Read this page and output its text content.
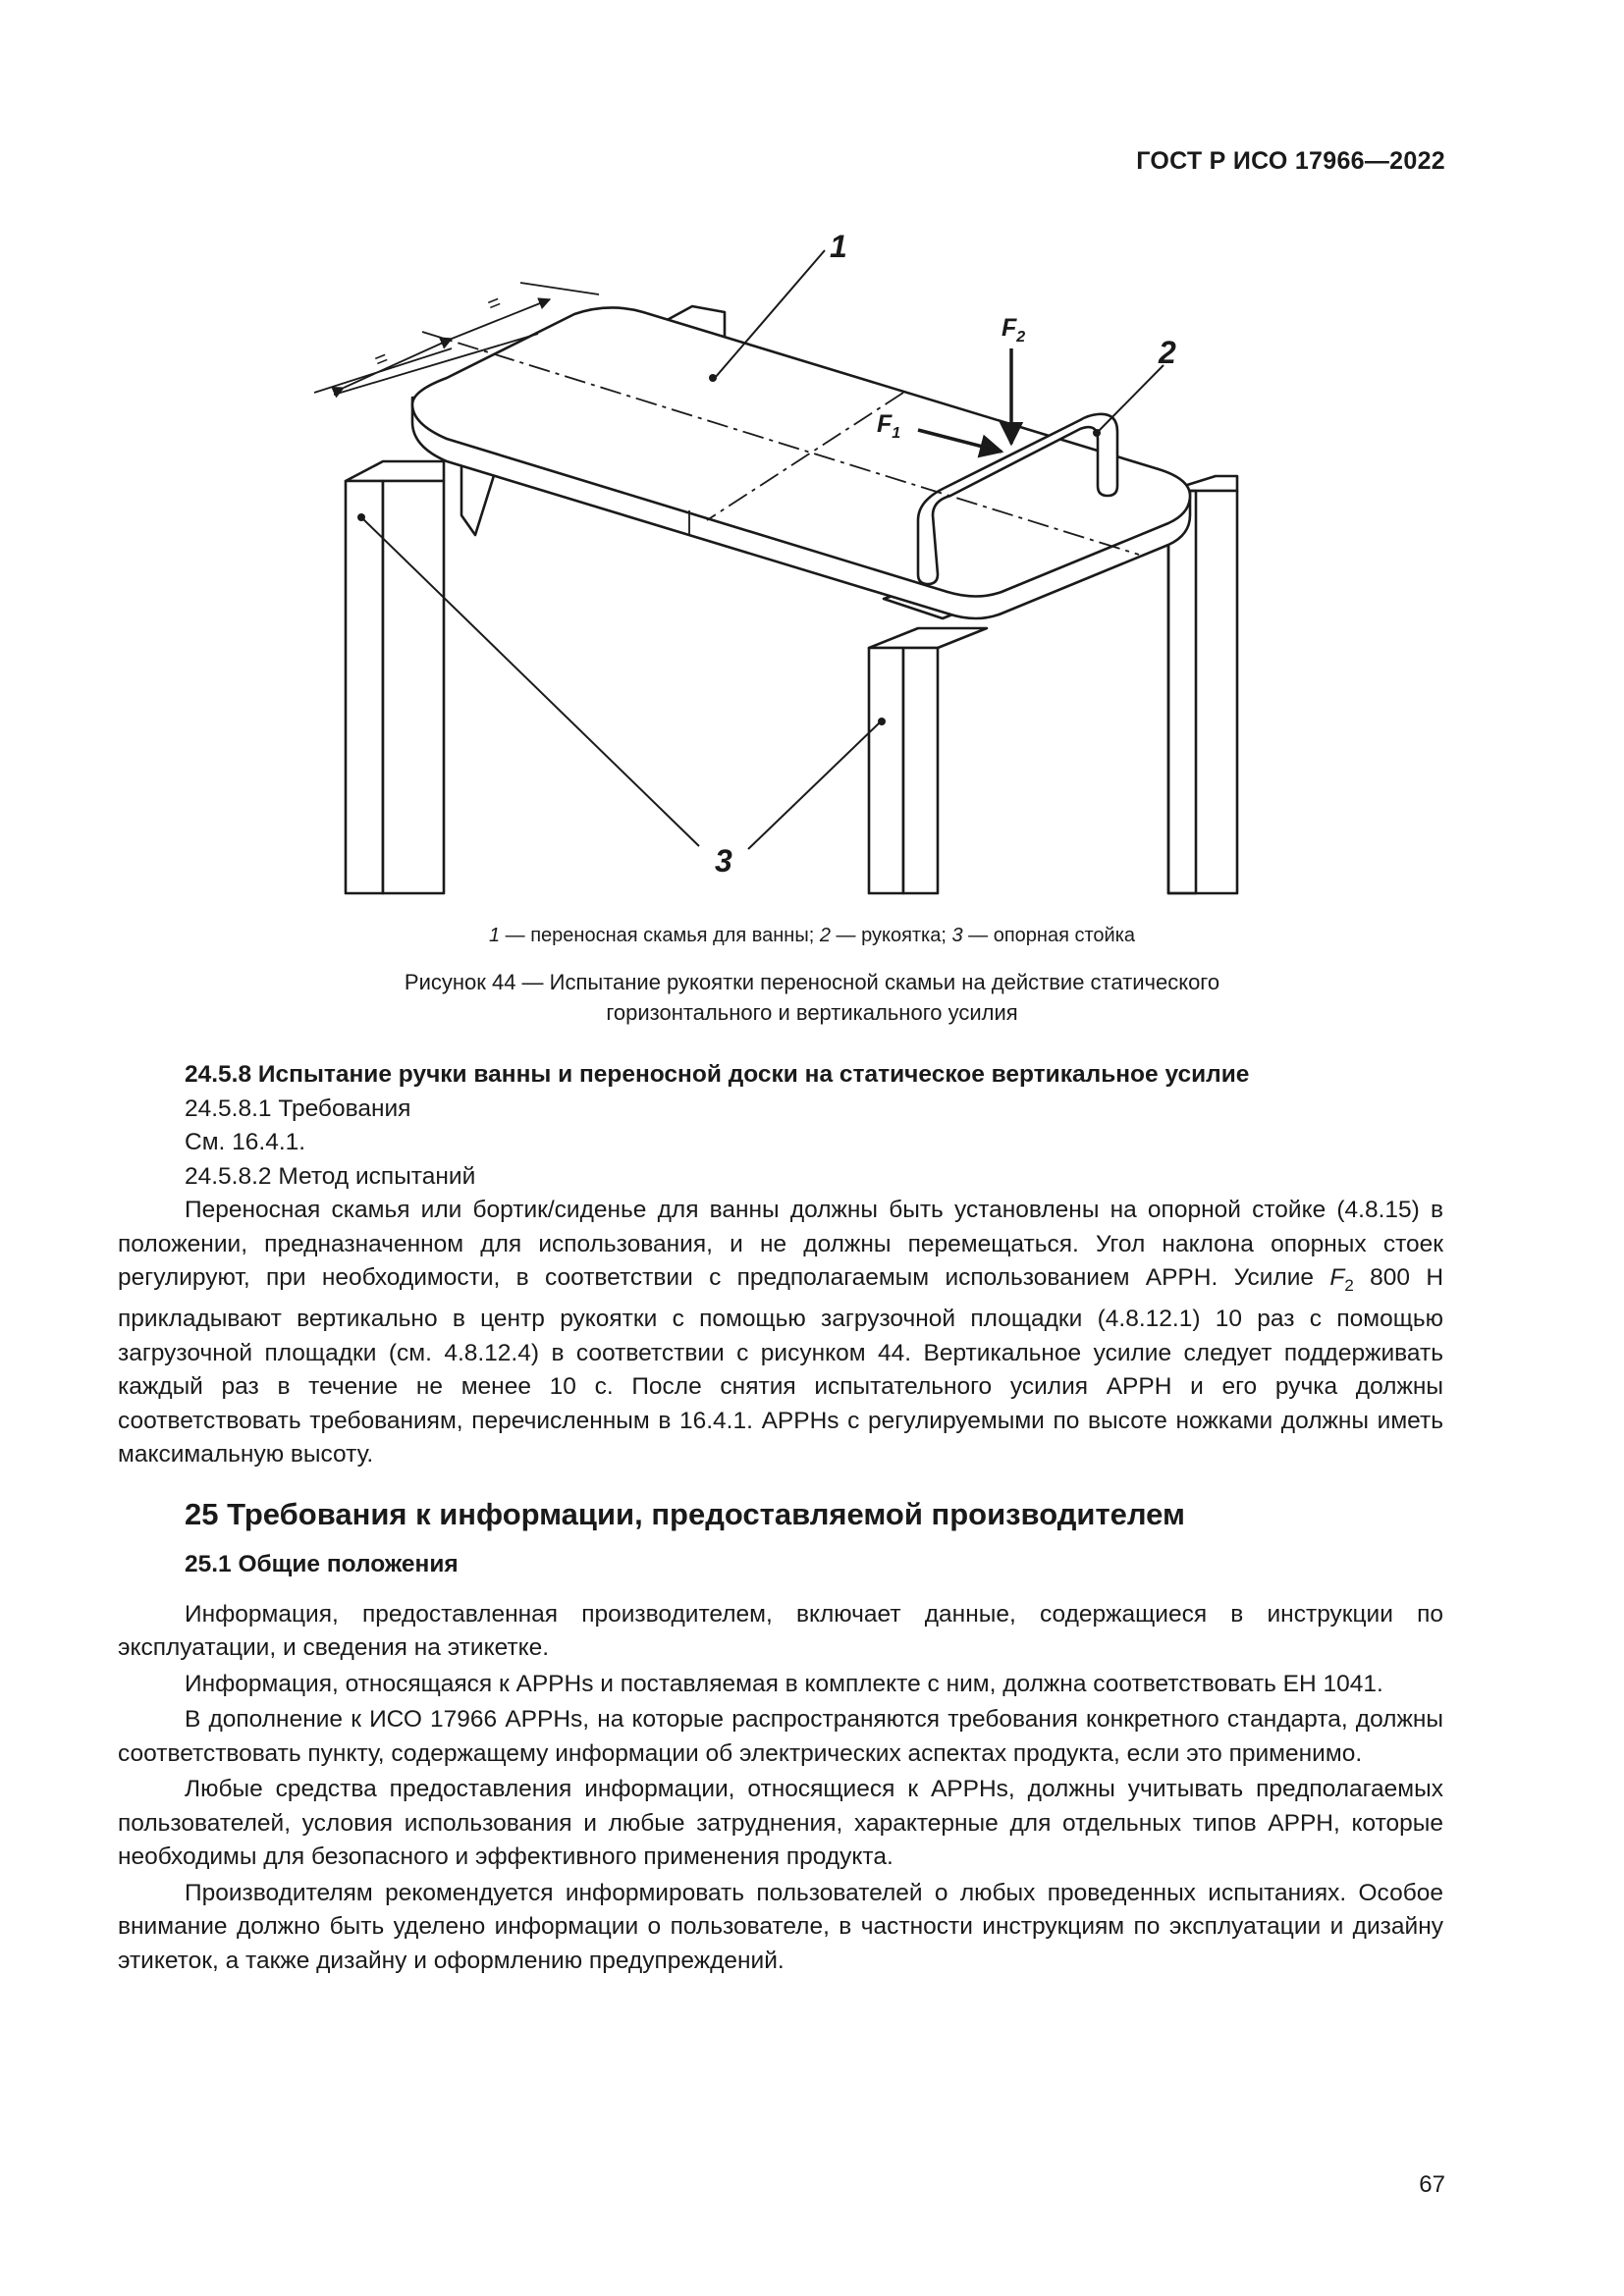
ГОСТ Р ИСО 17966—2022
=
=
$F_2$
$F_1$
1
2
3
1 — переносная скамья для ванны; 2 — рукоятка; 3 — опорная стойка
Рисунок 44 — Испытание рукоятки переносной скамьи на действие статического
горизонтального и вертикального усилия

24.5.8 Испытание ручки ванны и переносной доски на статическое вертикальное усилие

24.5.8.1 Требования

См. 16.4.1.

24.5.8.2 Метод испытаний

Переносная скамья или бортик/сиденье для ванны должны быть установлены на опорной стойке (4.8.15) в положении, предназначенном для использования, и не должны перемещаться. Угол наклона опорных стоек регулируют, при необходимости, в соответствии с предполагаемым использованием АРРН. Усилие $F_2$ 800 Н прикладывают вертикально в центр рукоятки с помощью загрузочной площадки (4.8.12.1) 10 раз с помощью загрузочной площадки (см. 4.8.12.4) в соответствии с рисунком 44. Вертикальное усилие следует поддерживать каждый раз в течение не менее 10 с. После снятия испытательного усилия АРРН и его ручка должны соответствовать требованиям, перечисленным в 16.4.1. АРРНs с регулируемыми по высоте ножками должны иметь максимальную высоту.

25 Требования к информации, предоставляемой производителем

25.1 Общие положения

Информация, предоставленная производителем, включает данные, содержащиеся в инструкции по эксплуатации, и сведения на этикетке.

Информация, относящаяся к АРРНs и поставляемая в комплекте с ним, должна соответствовать ЕН 1041.

В дополнение к ИСО 17966 АРРНs, на которые распространяются требования конкретного стандарта, должны соответствовать пункту, содержащему информации об электрических аспектах продукта, если это применимо.

Любые средства предоставления информации, относящиеся к АРРНs, должны учитывать предполагаемых пользователей, условия использования и любые затруднения, характерные для отдельных типов АРРН, которые необходимы для безопасного и эффективного применения продукта.

Производителям рекомендуется информировать пользователей о любых проведенных испытаниях. Особое внимание должно быть уделено информации о пользователе, в частности инструкциям по эксплуатации и дизайну этикеток, а также дизайну и оформлению предупреждений.

67
